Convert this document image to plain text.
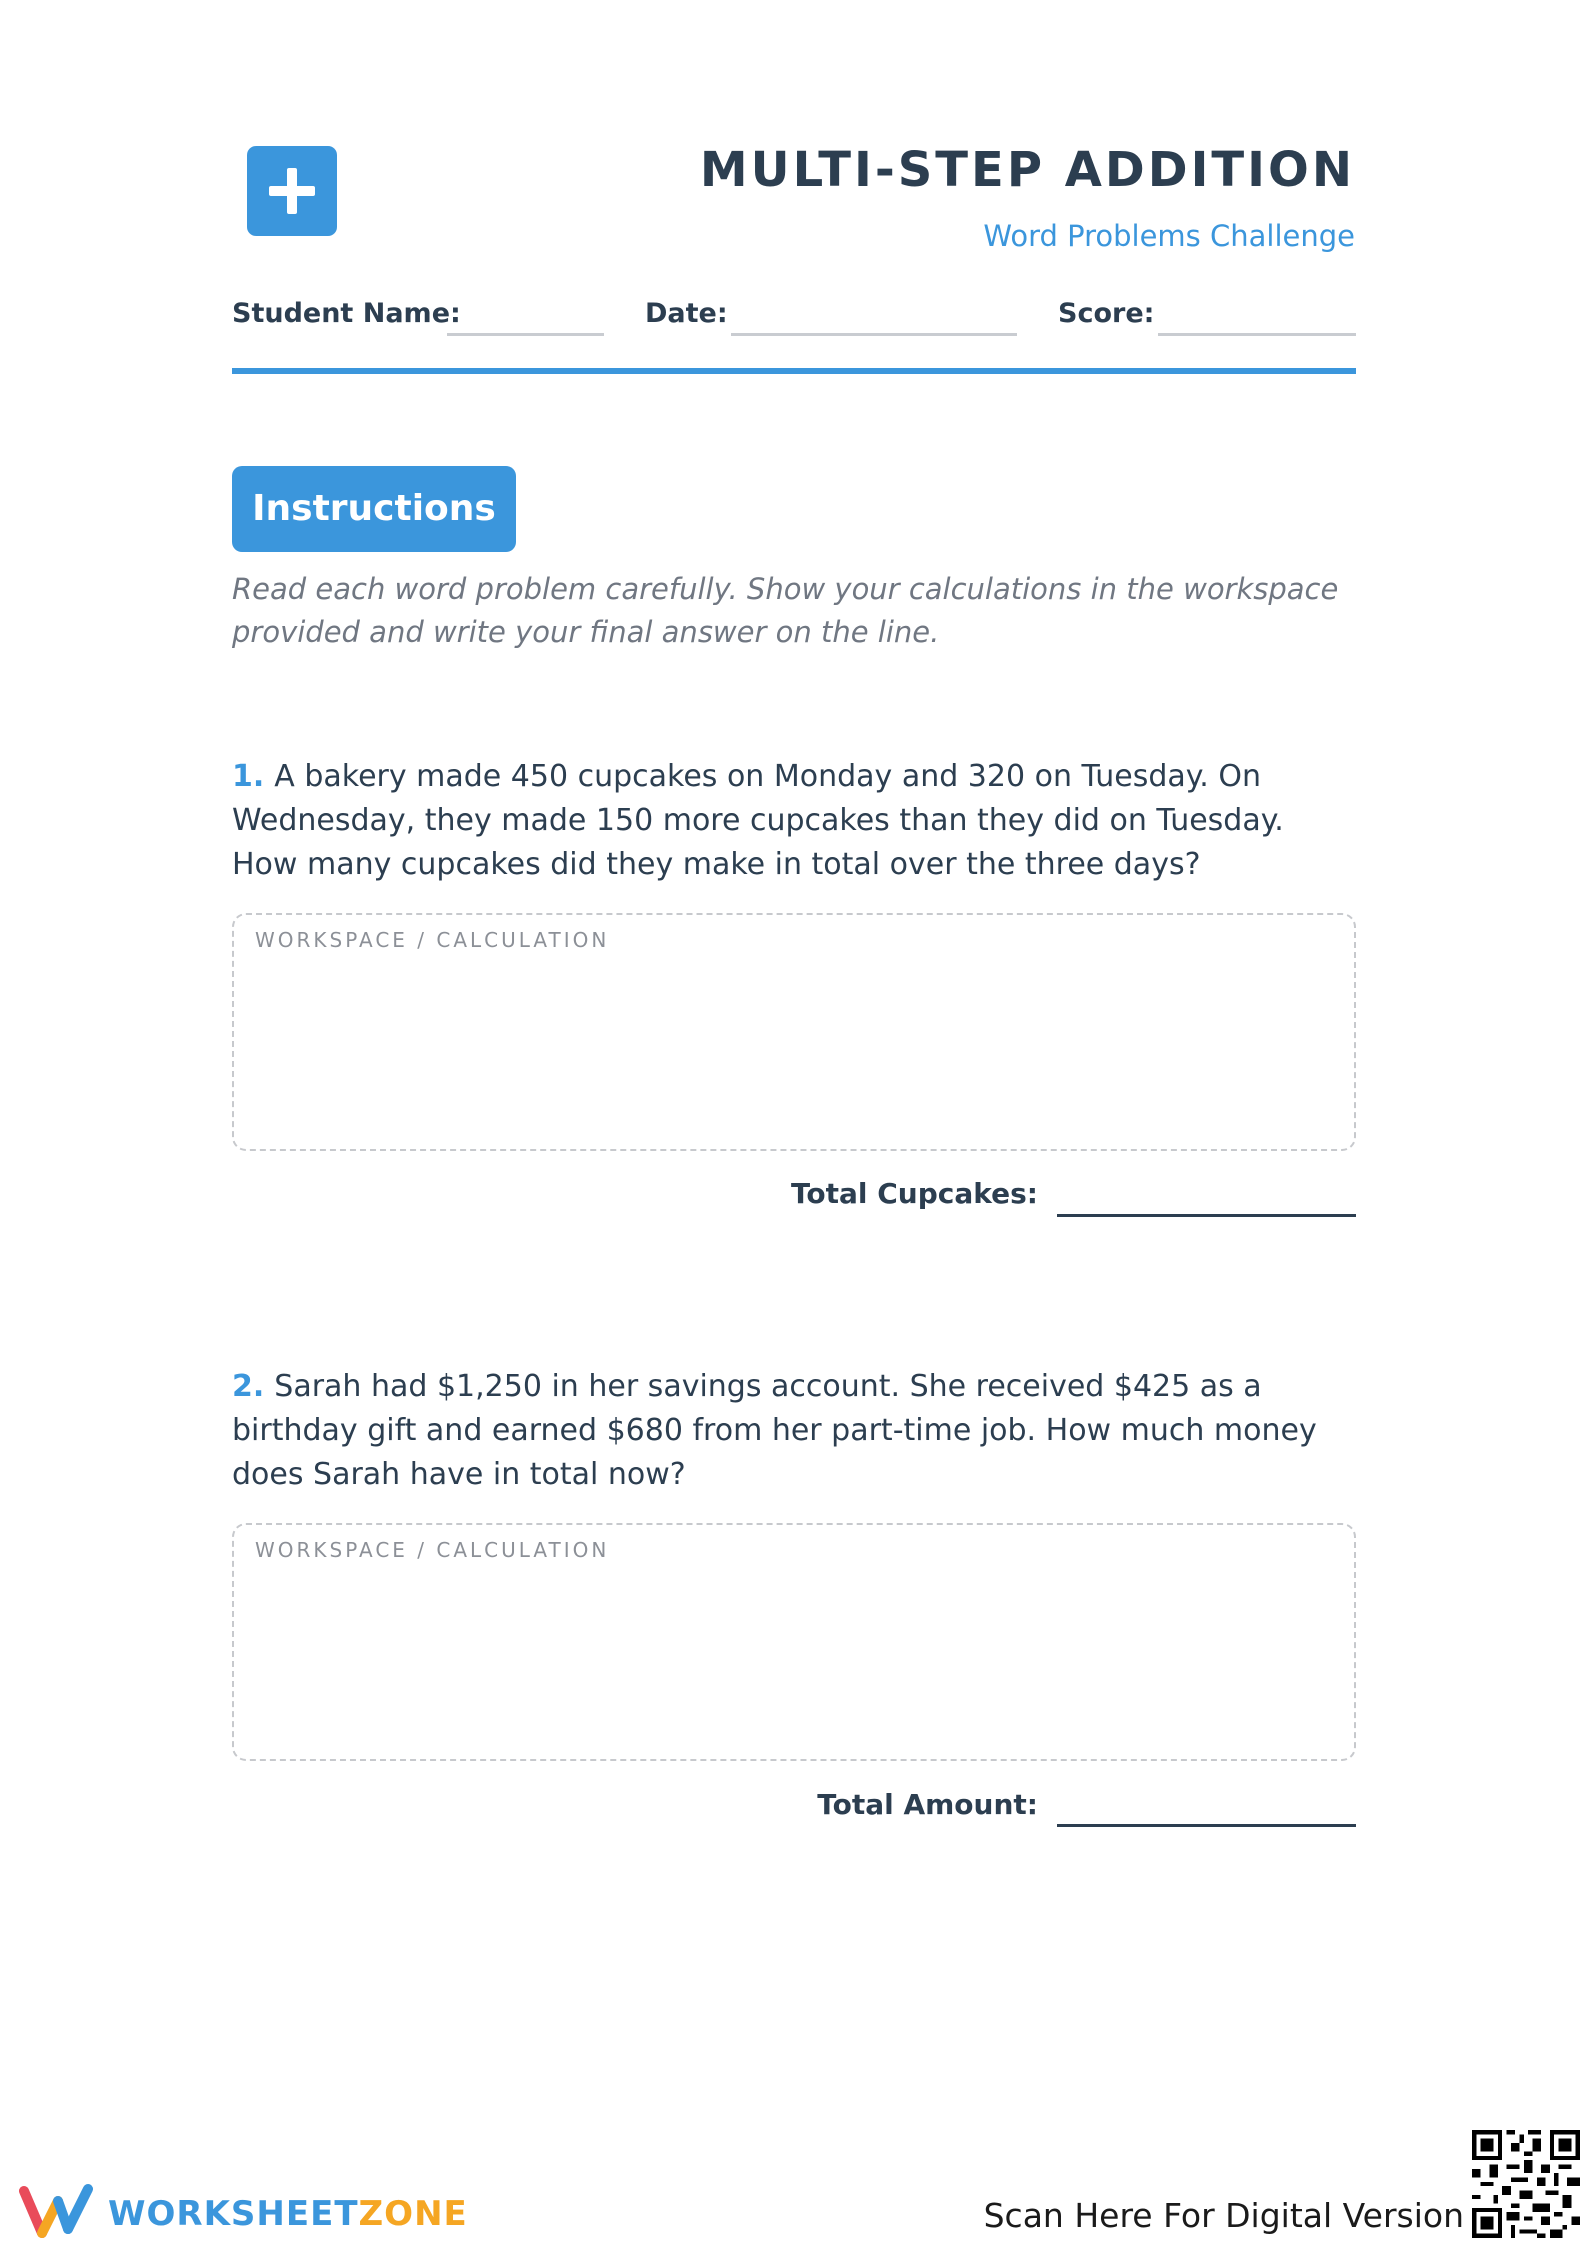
MULTI-STEP ADDITION
Word Problems Challenge
Student Name:	Date:	Score:
Instructions
Read each word problem carefully. Show your calculations in the workspace provided and write your final answer on the line.
1. A bakery made 450 cupcakes on Monday and 320 on Tuesday. On Wednesday, they made 150 more cupcakes than they did on Tuesday. How many cupcakes did they make in total over the three days?
WORKSPACE / CALCULATION
Total Cupcakes:
2. Sarah had $1,250 in her savings account. She received $425 as a birthday gift and earned $680 from her part-time job. How much money does Sarah have in total now?
WORKSPACE / CALCULATION
Total Amount:
WORKSHEETZONE	Scan Here For Digital Version
